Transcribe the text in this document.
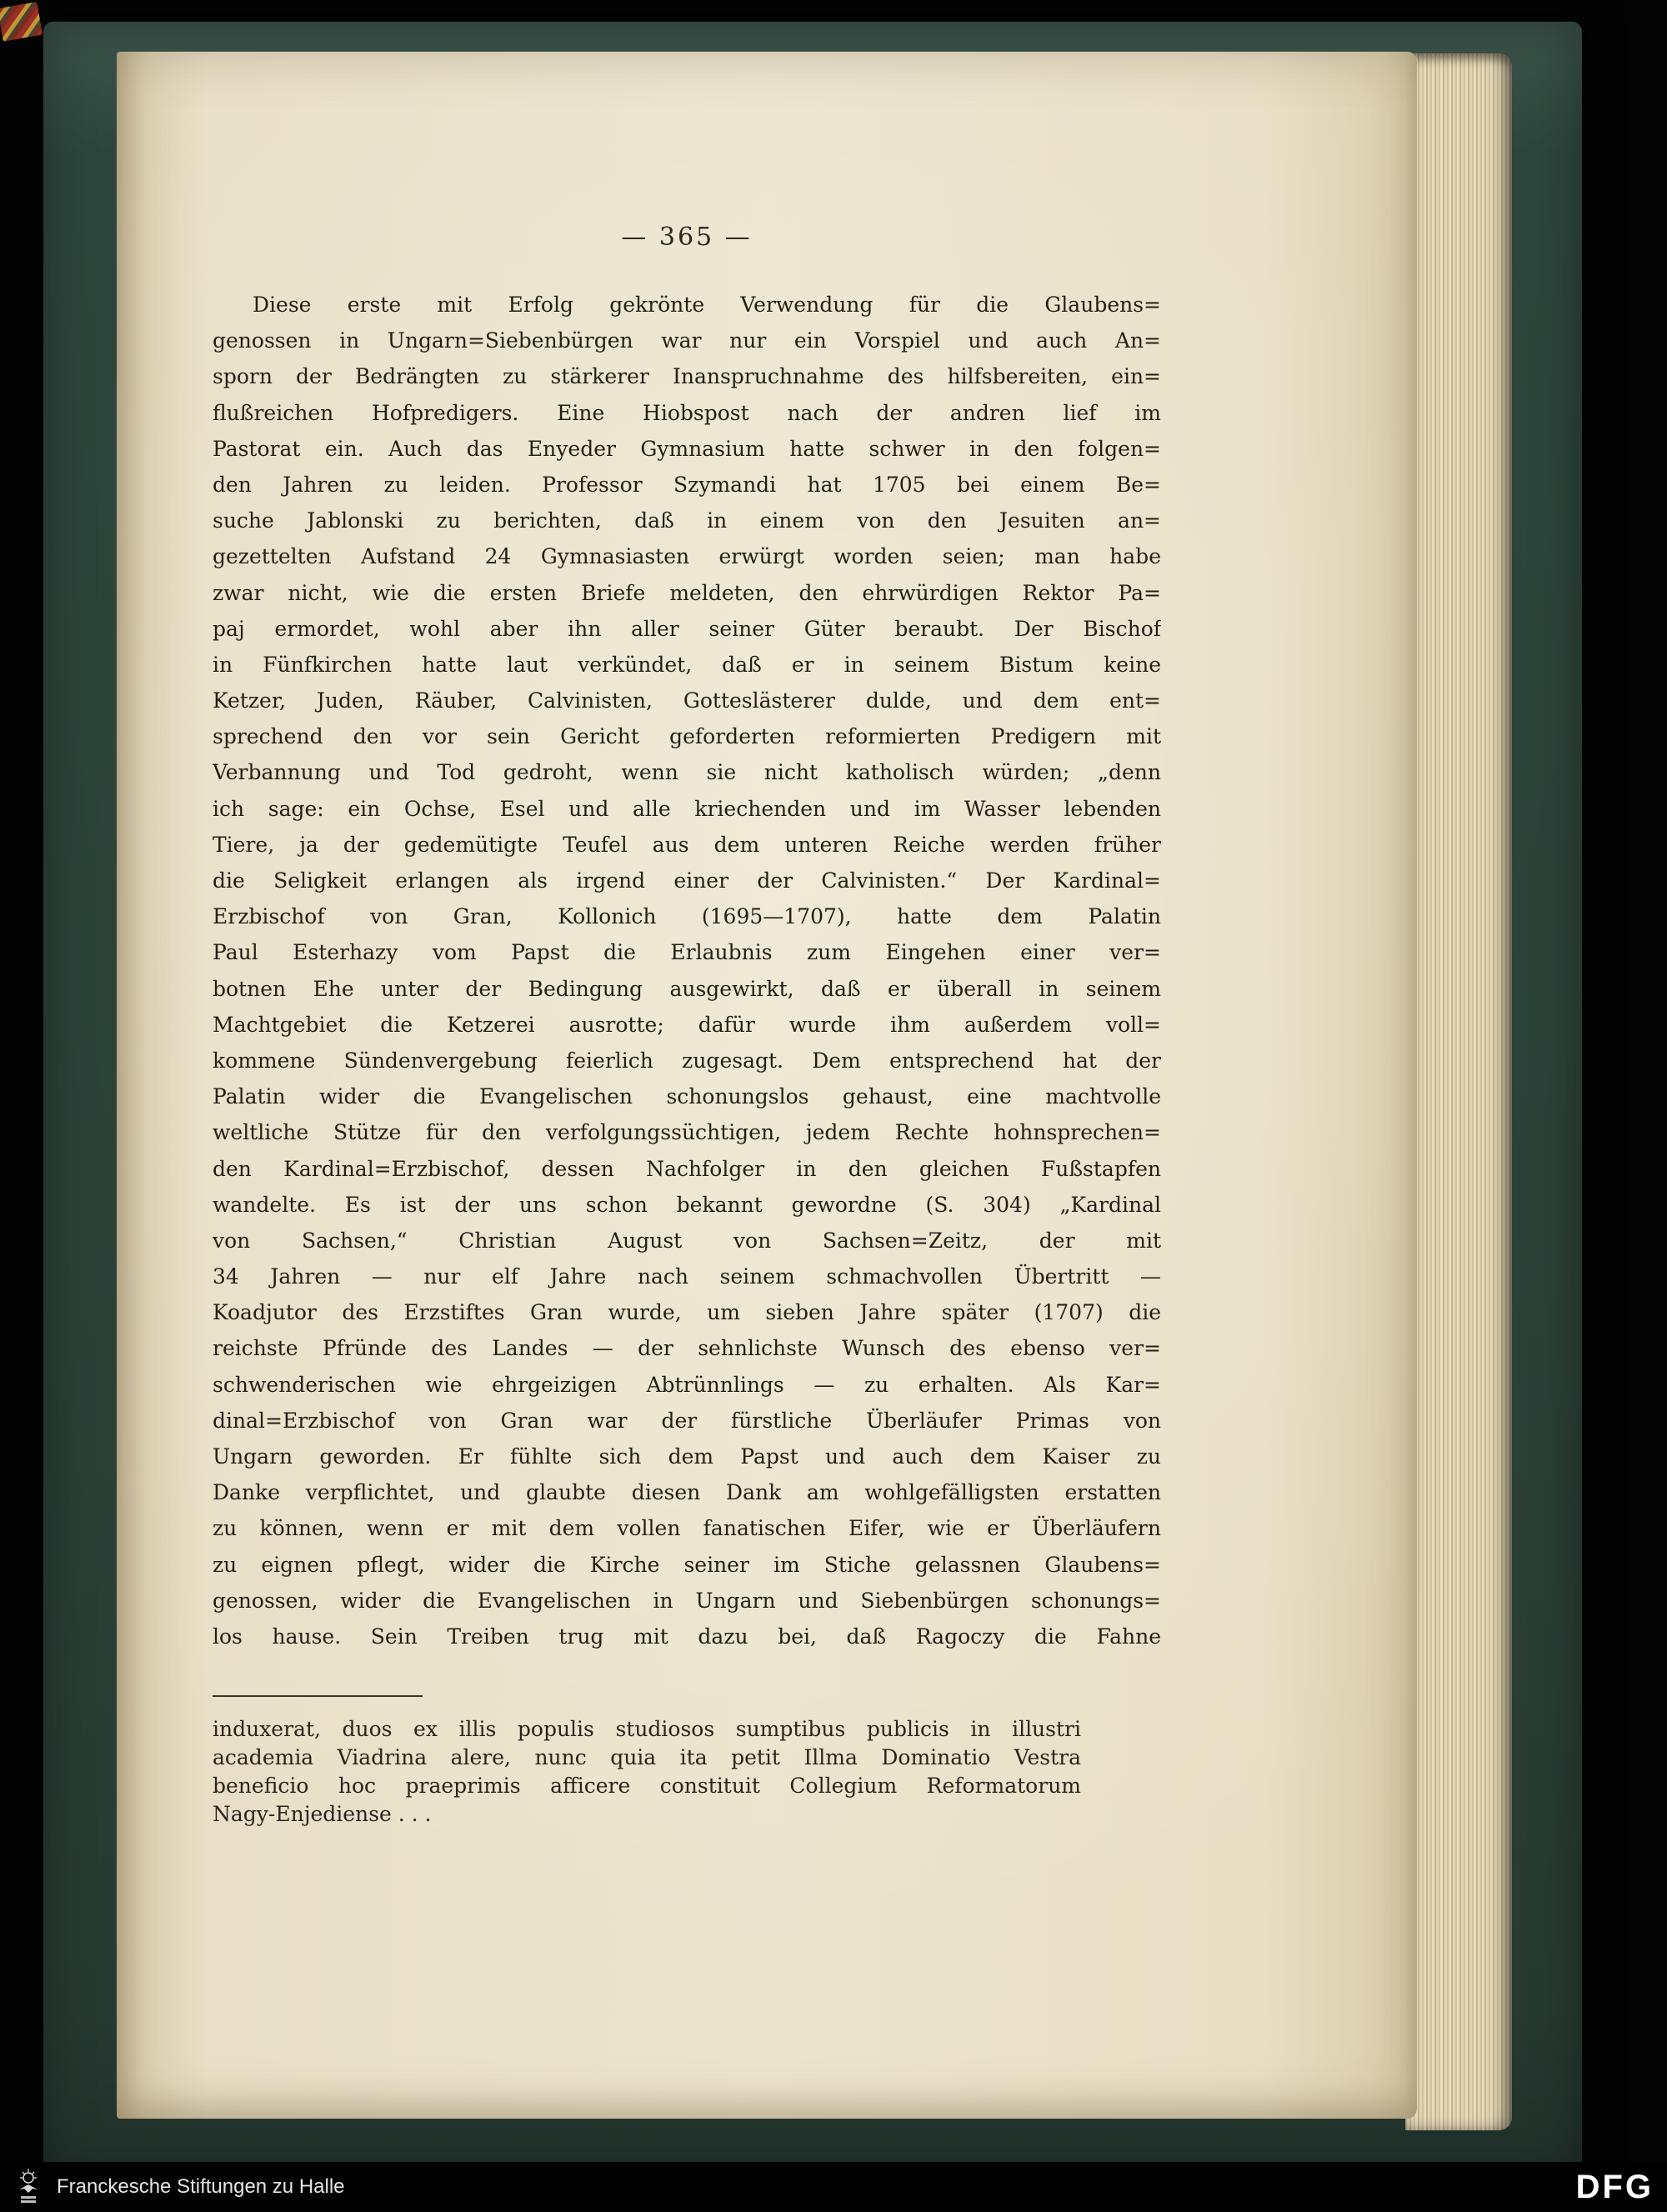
— 365 —
Diese erste mit Erfolg gekrönte Verwendung für die Glaubens=
genossen in Ungarn=Siebenbürgen war nur ein Vorspiel und auch An=
sporn der Bedrängten zu stärkerer Inanspruchnahme des hilfsbereiten, ein=
flußreichen Hofpredigers. Eine Hiobspost nach der andren lief im
Pastorat ein. Auch das Enyeder Gymnasium hatte schwer in den folgen=
den Jahren zu leiden. Professor Szymandi hat 1705 bei einem Be=
suche Jablonski zu berichten, daß in einem von den Jesuiten an=
gezettelten Aufstand 24 Gymnasiasten erwürgt worden seien; man habe
zwar nicht, wie die ersten Briefe meldeten, den ehrwürdigen Rektor Pa=
paj ermordet, wohl aber ihn aller seiner Güter beraubt. Der Bischof
in Fünfkirchen hatte laut verkündet, daß er in seinem Bistum keine
Ketzer, Juden, Räuber, Calvinisten, Gotteslästerer dulde, und dem ent=
sprechend den vor sein Gericht geforderten reformierten Predigern mit
Verbannung und Tod gedroht, wenn sie nicht katholisch würden; „denn
ich sage: ein Ochse, Esel und alle kriechenden und im Wasser lebenden
Tiere, ja der gedemütigte Teufel aus dem unteren Reiche werden früher
die Seligkeit erlangen als irgend einer der Calvinisten.“ Der Kardinal=
Erzbischof von Gran, Kollonich (1695—1707), hatte dem Palatin
Paul Esterhazy vom Papst die Erlaubnis zum Eingehen einer ver=
botnen Ehe unter der Bedingung ausgewirkt, daß er überall in seinem
Machtgebiet die Ketzerei ausrotte; dafür wurde ihm außerdem voll=
kommene Sündenvergebung feierlich zugesagt. Dem entsprechend hat der
Palatin wider die Evangelischen schonungslos gehaust, eine machtvolle
weltliche Stütze für den verfolgungssüchtigen, jedem Rechte hohnsprechen=
den Kardinal=Erzbischof, dessen Nachfolger in den gleichen Fußstapfen
wandelte. Es ist der uns schon bekannt gewordne (S. 304) „Kardinal
von Sachsen,“ Christian August von Sachsen=Zeitz, der mit
34 Jahren — nur elf Jahre nach seinem schmachvollen Übertritt —
Koadjutor des Erzstiftes Gran wurde, um sieben Jahre später (1707) die
reichste Pfründe des Landes — der sehnlichste Wunsch des ebenso ver=
schwenderischen wie ehrgeizigen Abtrünnlings — zu erhalten. Als Kar=
dinal=Erzbischof von Gran war der fürstliche Überläufer Primas von
Ungarn geworden. Er fühlte sich dem Papst und auch dem Kaiser zu
Danke verpflichtet, und glaubte diesen Dank am wohlgefälligsten erstatten
zu können, wenn er mit dem vollen fanatischen Eifer, wie er Überläufern
zu eignen pflegt, wider die Kirche seiner im Stiche gelassnen Glaubens=
genossen, wider die Evangelischen in Ungarn und Siebenbürgen schonungs=
los hause. Sein Treiben trug mit dazu bei, daß Ragoczy die Fahne
induxerat, duos ex illis populis studiosos sumptibus publicis in illustri
academia Viadrina alere, nunc quia ita petit Illma Dominatio Vestra
beneficio hoc praeprimis afficere constituit Collegium Reformatorum
Nagy-Enjediense . . .
Franckesche Stiftungen zu Halle	DFG
